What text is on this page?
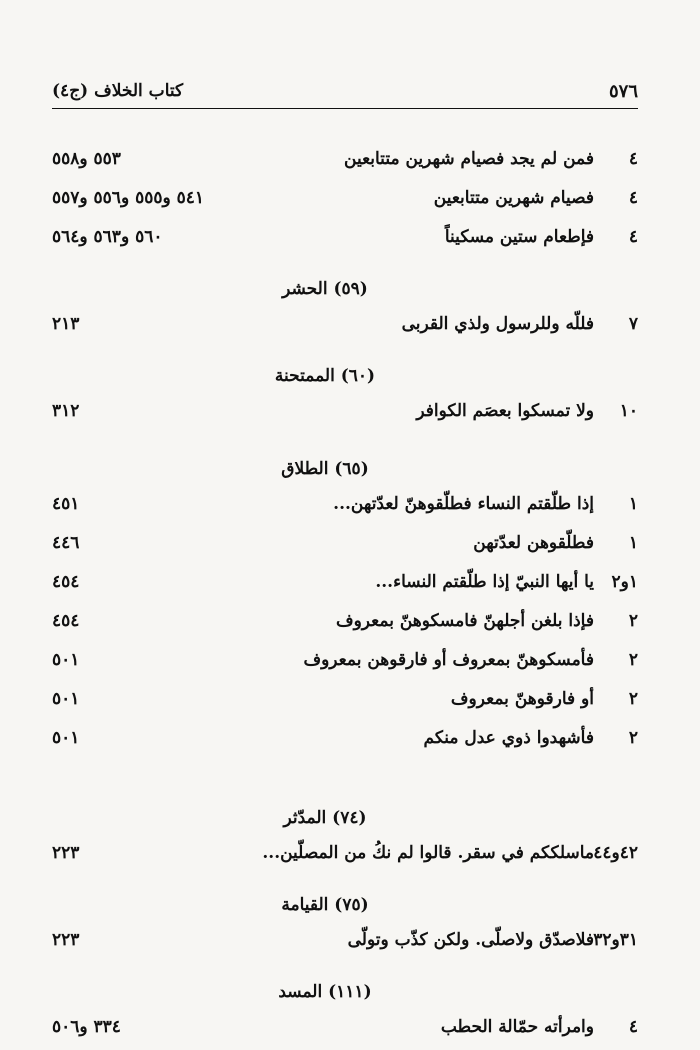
٥٧٦
كتاب الخلاف (ج٤)
٤
فمن لم يجد فصيام شهرين متتابعين
٥٥٣ و٥٥٨
٤
فصيام شهرين متتابعين
٥٤١ و٥٥٥ و٥٥٦ و٥٥٧
٤
فإطعام ستين مسكيناً
٥٦٠ و٥٦٣ و٥٦٤
(٥٩) الحشر
٧
فللّه وللرسول ولذي القربى
٢١٣
(٦٠) الممتحنة
١٠
ولا تمسكوا بعصَم الكوافر
٣١٢
(٦٥) الطلاق
١
إذا طلّقتم النساء فطلّقوهنّ لعدّتهن...
٤٥١
١
فطلّقوهن لعدّتهن
٤٤٦
١و٢
يا أيها النبيّ إذا طلّقتم النساء...
٤٥٤
٢
فإذا بلغن أجلهنّ فامسكوهنّ بمعروف
٤٥٤
٢
فأمسكوهنّ بمعروف أو فارقوهن بمعروف
٥٠١
٢
أو فارقوهنّ بمعروف
٥٠١
٢
فأشهدوا ذوي عدل منكم
٥٠١
(٧٤) المدّثر
٤٢و٤٤
ماسلككم في سقر. قالوا لم نكُ من المصلّين...
٢٢٣
(٧٥) القيامة
٣١و٣٢
فلاصدّق ولاصلّى. ولكن كذّب وتولّى
٢٢٣
(١١١) المسد
٤
وامرأته حمّالة الحطب
٣٣٤ و٥٠٦
